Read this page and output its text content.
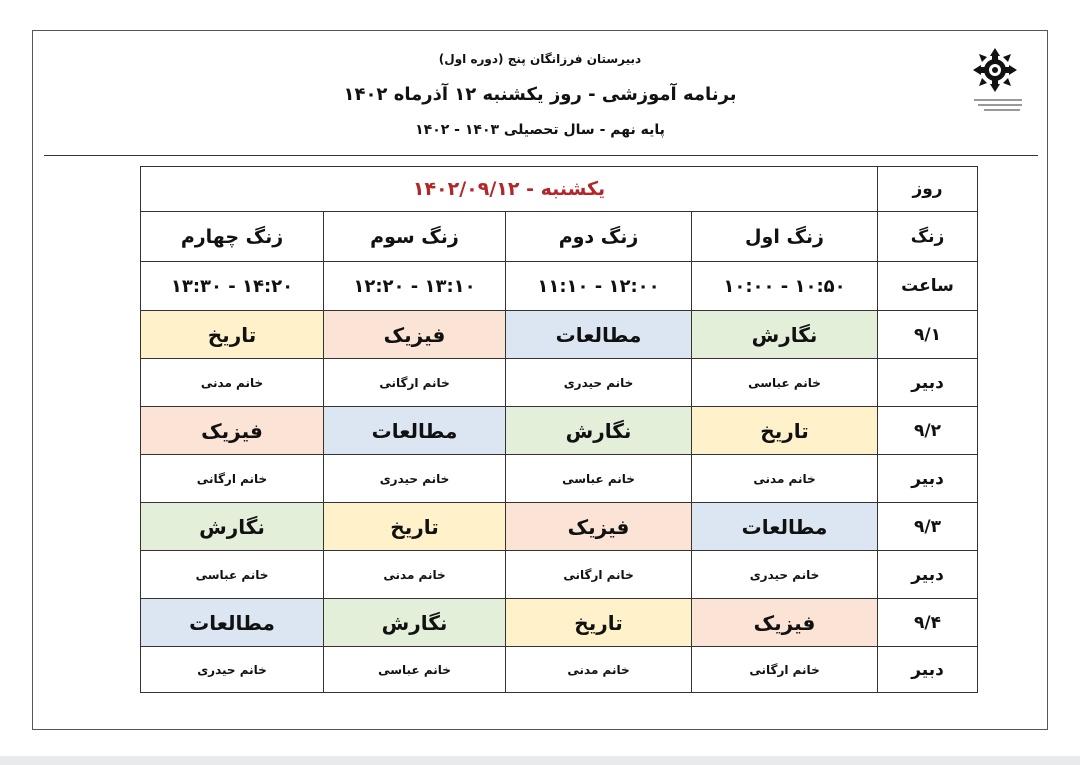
دبیرستان فرزانگان پنج (دوره اول)
برنامه آموزشی - روز یکشنبه ۱۲ آذرماه ۱۴۰۲
پایه نهم - سال تحصیلی ۱۴۰۳ - ۱۴۰۲
روز	یکشنبه - ۱۴۰۲/۰۹/۱۲			
زنگ	زنگ اول	زنگ دوم	زنگ سوم	زنگ چهارم
ساعت	۱۰:۵۰ - ۱۰:۰۰	۱۲:۰۰ - ۱۱:۱۰	۱۳:۱۰ - ۱۲:۲۰	۱۴:۲۰ - ۱۳:۳۰
۹/۱	نگارش	مطالعات	فیزیک	تاریخ
دبیر	خانم عباسی	خانم حیدری	خانم ارگانی	خانم مدنی
۹/۲	تاریخ	نگارش	مطالعات	فیزیک
دبیر	خانم مدنی	خانم عباسی	خانم حیدری	خانم ارگانی
۹/۳	مطالعات	فیزیک	تاریخ	نگارش
دبیر	خانم حیدری	خانم ارگانی	خانم مدنی	خانم عباسی
۹/۴	فیزیک	تاریخ	نگارش	مطالعات
دبیر	خانم ارگانی	خانم مدنی	خانم عباسی	خانم حیدری
